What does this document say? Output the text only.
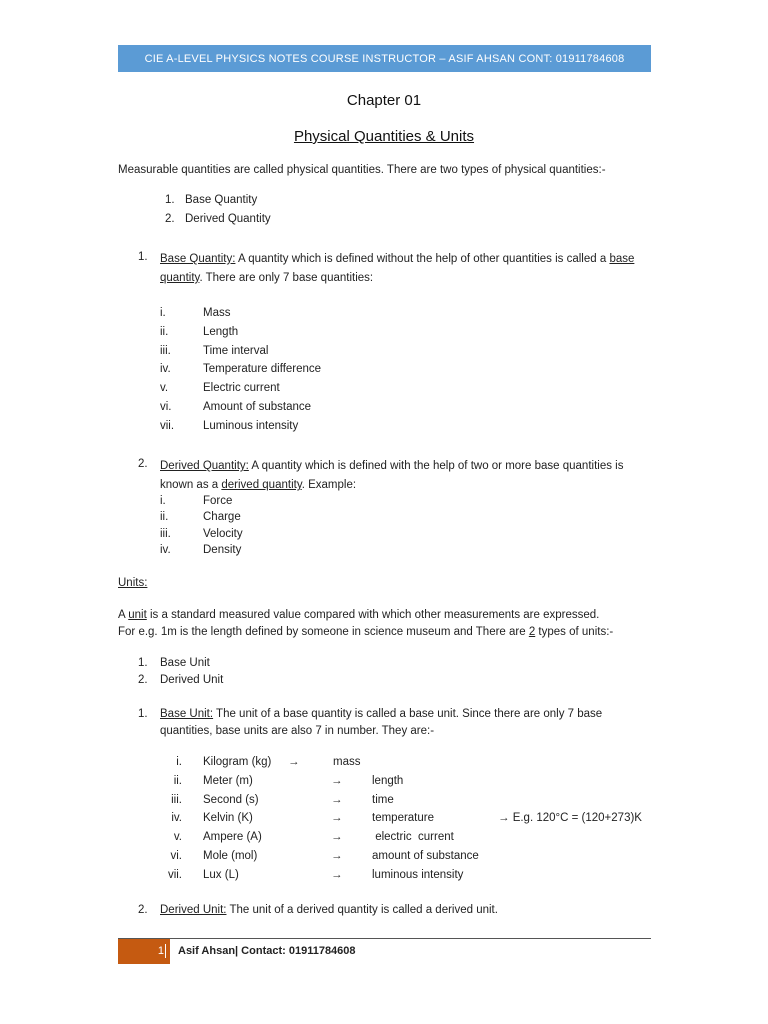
CIE A-LEVEL PHYSICS NOTES COURSE INSTRUCTOR – ASIF AHSAN CONT: 01911784608
Chapter 01
Physical Quantities & Units
Measurable quantities are called physical quantities. There are two types of physical quantities:-
1. Base Quantity
2. Derived Quantity
1. Base Quantity: A quantity which is defined without the help of other quantities is called a base quantity. There are only 7 base quantities:
i.	Mass
ii.	Length
iii.	Time interval
iv.	Temperature difference
v.	Electric current
vi.	Amount of substance
vii.	Luminous intensity
2. Derived Quantity: A quantity which is defined with the help of two or more base quantities is known as a derived quantity. Example:
i.	Force
ii.	Charge
iii.	Velocity
iv.	Density
Units:
A unit is a standard measured value compared with which other measurements are expressed.
For e.g. 1m is the length defined by someone in science museum and There are 2 types of units:-
1. Base Unit
2. Derived Unit
1. Base Unit: The unit of a base quantity is called a base unit. Since there are only 7 base quantities, base units are also 7 in number. They are:-
i. Kilogram (kg) →	mass
ii. Meter (m)	→	length
iii. Second (s)	→	time
iv. Kelvin (K)	→	temperature	→ E.g. 120°C = (120+273)K
v. Ampere (A)	→	electric  current
vi. Mole (mol)	→	amount of substance
vii. Lux (L)	→	luminous intensity
2. Derived Unit: The unit of a derived quantity is called a derived unit.
1 Asif Ahsan| Contact: 01911784608
